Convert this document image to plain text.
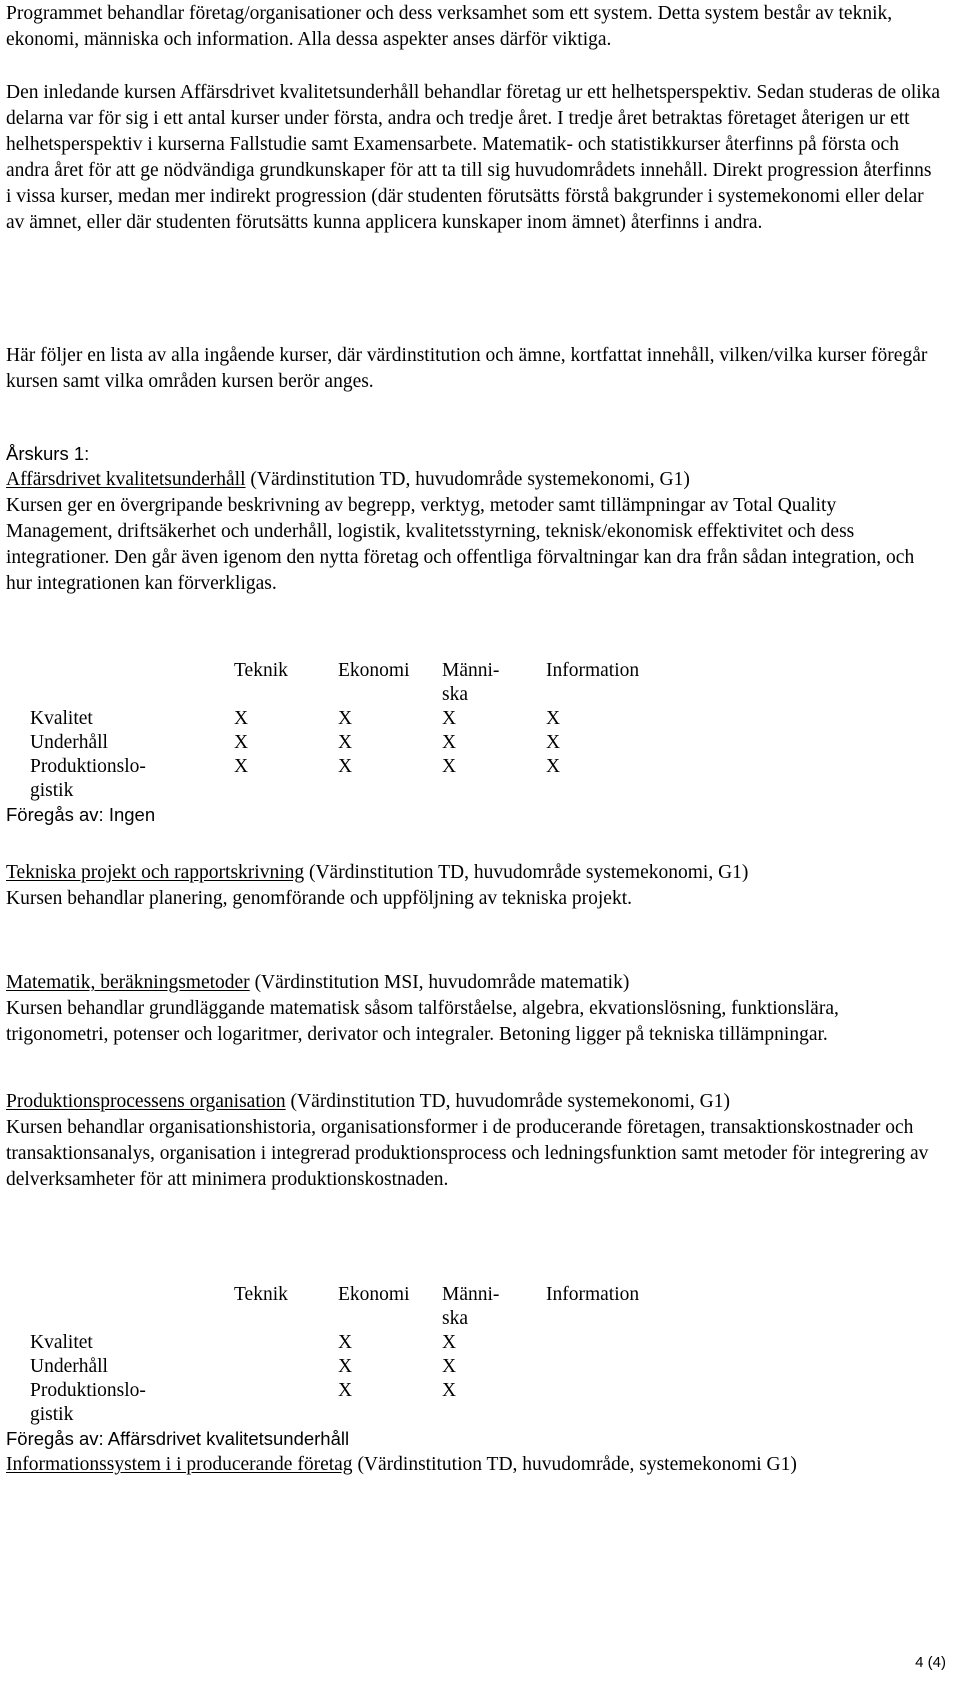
Programmet behandlar företag/organisationer och dess verksamhet som ett system. Detta system består av teknik, ekonomi, människa och information. Alla dessa aspekter anses därför viktiga.

Den inledande kursen Affärsdrivet kvalitetsunderhåll behandlar företag ur ett helhetsperspektiv. Sedan studeras de olika delarna var för sig i ett antal kurser under första, andra och tredje året. I tredje året betraktas företaget återigen ur ett helhetsperspektiv i kurserna Fallstudie samt Examensarbete. Matematik- och statistikkurser återfinns på första och andra året för att ge nödvändiga grundkunskaper för att ta till sig huvudområdets innehåll. Direkt progression återfinns i vissa kurser, medan mer indirekt progression (där studenten förutsätts förstå bakgrunder i systemekonomi eller delar av ämnet, eller där studenten förutsätts kunna applicera kunskaper inom ämnet) återfinns i andra.

Här följer en lista av alla ingående kurser, där värdinstitution och ämne, kortfattat innehåll, vilken/vilka kurser föregår kursen samt vilka områden kursen berör anges.

Årskurs 1:
Affärsdrivet kvalitetsunderhåll (Värdinstitution TD, huvudområde systemekonomi, G1)

Kursen ger en övergripande beskrivning av begrepp, verktyg, metoder samt tillämpningar av Total Quality Management, driftsäkerhet och underhåll, logistik, kvalitetsstyrning, teknisk/ekonomisk effektivitet och dess integrationer. Den går även igenom den nytta företag och offentliga förvaltningar kan dra från sådan integration, och hur integrationen kan förverkligas.

	Teknik	Ekonomi	Männi-
ska	Information
Kvalitet	X	X	X	X
Underhåll	X	X	X	X
Produktionslo-
gistik	X	X	X	X
Föregås av: Ingen
Tekniska projekt och rapportskrivning (Värdinstitution TD, huvudområde systemekonomi, G1)

Kursen behandlar planering, genomförande och uppföljning av tekniska projekt.

Matematik, beräkningsmetoder (Värdinstitution MSI, huvudområde matematik)

Kursen behandlar grundläggande matematisk såsom talförståelse, algebra, ekvationslösning, funktionslära, trigonometri, potenser och logaritmer, derivator och integraler. Betoning ligger på tekniska tillämpningar.

Produktionsprocessens organisation (Värdinstitution TD, huvudområde systemekonomi, G1)

Kursen behandlar organisationshistoria, organisationsformer i de producerande företagen, transaktionskostnader och transaktionsanalys, organisation i integrerad produktionsprocess och ledningsfunktion samt metoder för integrering av delverksamheter för att minimera produktionskostnaden.

	Teknik	Ekonomi	Männi-
ska	Information
Kvalitet		X	X	
Underhåll		X	X	
Produktionslo-
gistik		X	X	
Föregås av: Affärsdrivet kvalitetsunderhåll
Informationssystem i i producerande företag (Värdinstitution TD, huvudområde, systemekonomi G1)
4 (4)
